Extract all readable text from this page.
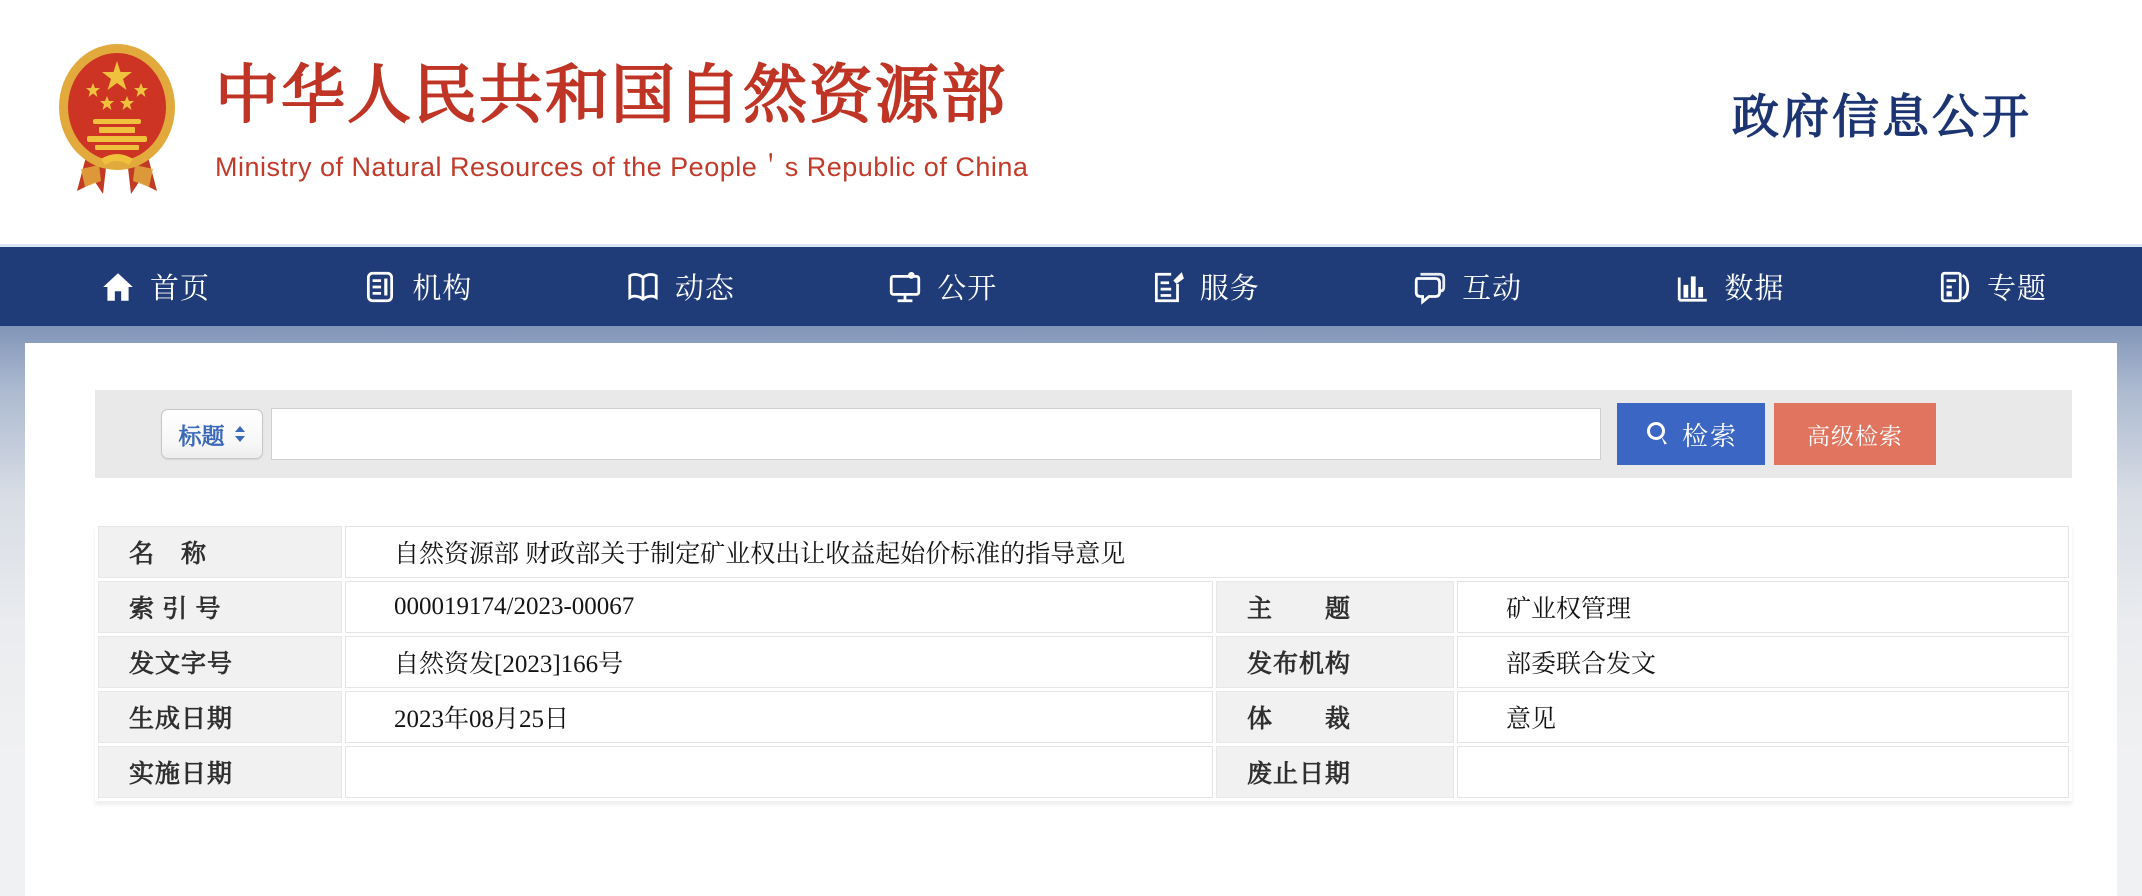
中华人民共和国自然资源部
Ministry of Natural Resources of the People＇s Republic of China
政府信息公开
首页	机构	动态	公开	服务	互动	数据	专题
标题	检索	高级检索
名　称	自然资源部 财政部关于制定矿业权出让收益起始价标准的指导意见		
索 引 号	000019174/2023-00067	主　　题	矿业权管理
发文字号	自然资发[2023]166号	发布机构	部委联合发文
生成日期	2023年08月25日	体　　裁	意见
实施日期		废止日期	
